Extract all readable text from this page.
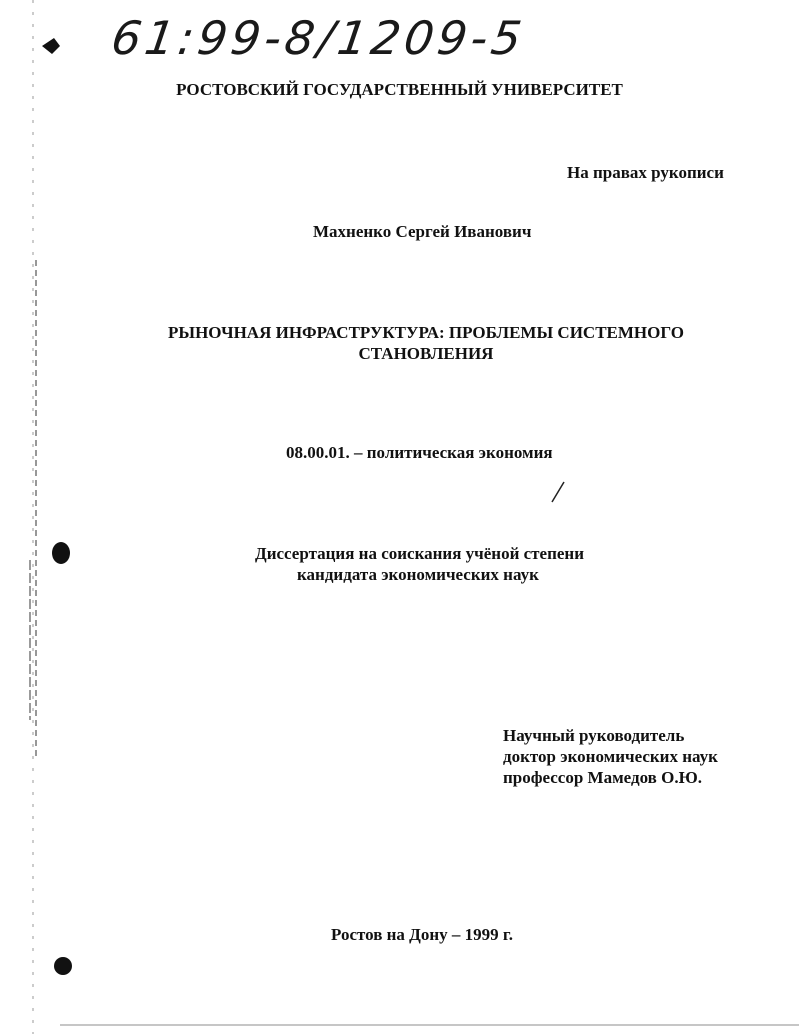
61:99-8/1209-5
РОСТОВСКИЙ ГОСУДАРСТВЕННЫЙ УНИВЕРСИТЕТ
На правах рукописи
Махненко Сергей Иванович
РЫНОЧНАЯ ИНФРАСТРУКТУРА: ПРОБЛЕМЫ СИСТЕМНОГО
СТАНОВЛЕНИЯ
08.00.01. – политическая экономия
Диссертация на соискания учёной степени
кандидата экономических наук
Научный руководитель
доктор экономических наук
профессор Мамедов О.Ю.
Ростов на Дону – 1999 г.
